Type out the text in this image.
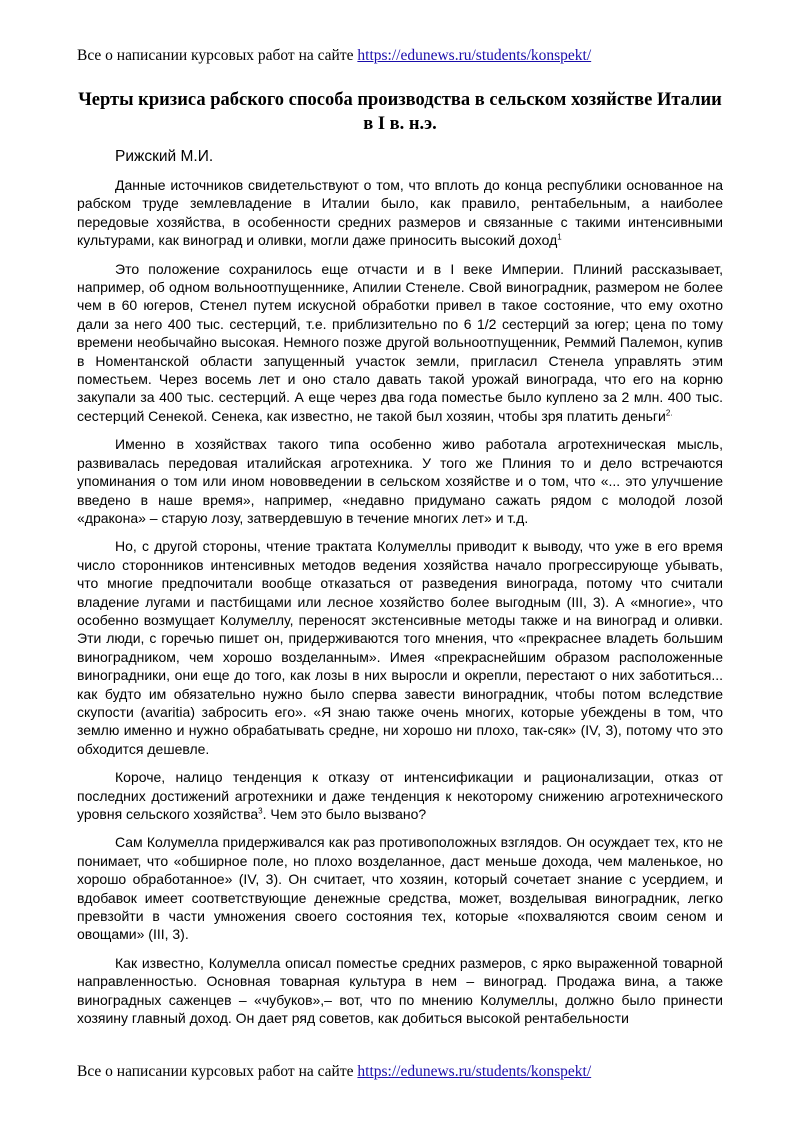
Все о написании курсовых работ на сайте https://edunews.ru/students/konspekt/
Черты кризиса рабского способа производства в сельском хозяйстве Италии в I в. н.э.
Рижский М.И.

Данные источников свидетельствуют о том, что вплоть до конца республики основанное на рабском труде землевладение в Италии было, как правило, рентабельным, а наиболее передовые хозяйства, в особенности средних размеров и связанные с такими интенсивными культурами, как виноград и оливки, могли даже приносить высокий доход$^1$

Это положение сохранилось еще отчасти и в I веке Империи. Плиний рассказывает, например, об одном вольноотпущеннике, Апилии Стенеле. Свой виноградник, размером не более чем в 60 югеров, Стенел путем искусной обработки привел в такое состояние, что ему охотно дали за него 400 тыс. сестерций, т.е. приблизительно по 6 1/2 сестерций за югер; цена по тому времени необычайно высокая. Немного позже другой вольноотпущенник, Реммий Палемон, купив в Номентанской области запущенный участок земли, пригласил Стенела управлять этим поместьем. Через восемь лет и оно стало давать такой урожай винограда, что его на корню закупали за 400 тыс. сестерций. А еще через два года поместье было куплено за 2 млн. 400 тыс. сестерций Сенекой. Сенека, как известно, не такой был хозяин, чтобы зря платить деньги$^{2.}$

Именно в хозяйствах такого типа особенно живо работала агротехническая мысль, развивалась передовая италийская агротехника. У того же Плиния то и дело встречаются упоминания о том или ином нововведении в сельском хозяйстве и о том, что «... это улучшение введено в наше время», например, «недавно придумано сажать рядом с молодой лозой «дракона» – старую лозу, затвердевшую в течение многих лет» и т.д.

Но, с другой стороны, чтение трактата Колумеллы приводит к выводу, что уже в его время число сторонников интенсивных методов ведения хозяйства начало прогрессирующе убывать, что многие предпочитали вообще отказаться от разведения винограда, потому что считали владение лугами и пастбищами или лесное хозяйство более выгодным (III, 3). А «многие», что особенно возмущает Колумеллу, переносят экстенсивные методы также и на виноград и оливки. Эти люди, с горечью пишет он, придерживаются того мнения, что «прекраснее владеть большим виноградником, чем хорошо возделанным». Имея «прекраснейшим образом расположенные виноградники, они еще до того, как лозы в них выросли и окрепли, перестают о них заботиться... как будто им обязательно нужно было сперва завести виноградник, чтобы потом вследствие скупости (avaritia) забросить его». «Я знаю также очень многих, которые убеждены в том, что землю именно и нужно обрабатывать средне, ни хорошо ни плохо, так-сяк» (IV, 3), потому что это обходится дешевле.

Короче, налицо тенденция к отказу от интенсификации и рационализации, отказ от последних достижений агротехники и даже тенденция к некоторому снижению агротехнического уровня сельского хозяйства$^3$. Чем это было вызвано?

Сам Колумелла придерживался как раз противоположных взглядов. Он осуждает тех, кто не понимает, что «обширное поле, но плохо возделанное, даст меньше дохода, чем маленькое, но хорошо обработанное» (IV, 3). Он считает, что хозяин, который сочетает знание с усердием, и вдобавок имеет соответствующие денежные средства, может, возделывая виноградник, легко превзойти в части умножения своего состояния тех, которые «похваляются своим сеном и овощами» (III, 3).

Как известно, Колумелла описал поместье средних размеров, с ярко выраженной товарной направленностью. Основная товарная культура в нем – виноград. Продажа вина, а также виноградных саженцев – «чубуков»,– вот, что по мнению Колумеллы, должно было принести хозяину главный доход. Он дает ряд советов, как добиться высокой рентабельности

Все о написании курсовых работ на сайте https://edunews.ru/students/konspekt/
